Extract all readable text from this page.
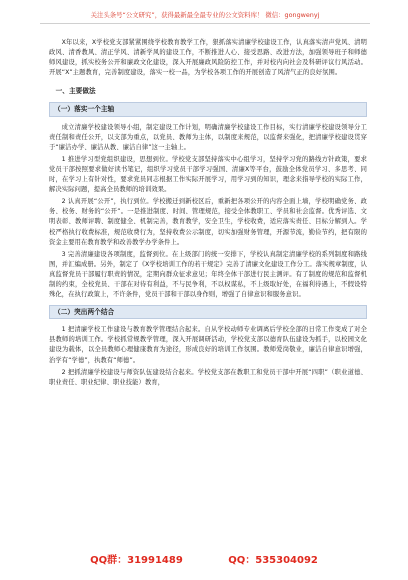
关注头条号“公文研究”，获得最新最全最专业的公文资料库！ 微信：gongwenyj

X年以来，X学校党支部紧紧围绕学校教育教学工作，狠抓落实清廉学校建设工作，认真落实清声党风、清明政风、清香教风、清正学风、清新学风的建设工作，不断推进人心、接受思路、改进方法，加强领导班子和师德师风建设，抓实校务公开和廉政文化建设，深入开展廉政风险防控工作，并对校内向社会及科研评议行风活动。开展“X”主题教育，完善制度建设，落实一校一品，为学校各项工作的开展创造了风清气正的良好氛围。

一、主要做法
（一）落实一个主轴

成立清廉学校建设领导小组，制定建设工作计划，明确清廉学校建设工作目标，实行清廉学校建设领导分工责任制和责任公开，以支部为重点，以党员、教师为主体，以制度来规范，以监督来强化，把清廉学校建设贯穿于“廉洁办学、廉洁从教、廉洁自律”这一主轴上。

1 推进学习型党组织建设，思想到位。学校党支部坚持落实中心组学习，坚持学习党的路线方针政策，要求党员干部按照要求做好读书笔记，组织学习党员干部学习强国、清廉X等平台，鼓励全体党员学习、多思考、同时，在学习上有针对性，要求党员同志根据工作实际开展学习，用学习到的知识，理念来指导学校的实际工作，解决实际问题，提高全员教师的培训效果。

2 认真开展“公开”，执行到位。学校搬迁到新校区后，重新把各项公开的内容全面上墙，学校明确党务、政务、校务、财务的“公开”。一是推进制度、时间、管理规范，接受全体教职工、学员和社会监督。优秀评选、文明表彰、教师评聘、制度健全、机制完善，教育教学，安全卫生，学校收费，适应落实责任、目标分解到人。学校严格执行收费标准，规范收费行为，坚持收费公示制度，切实加强财务管理，开源节流，勤俭节约，把有限的资金主要用在教育教学和改善教学办学条件上。

3 完善清廉建设各项制度，监督到位。在上级部门的统一安排下，学校认真制定清廉学校的系列制度和路线图，并汇编成册。另外，制定了《X学校培训工作的若干规定》完善了清廉文化建设工作分工。落实规章制度，认真监督党员干部履行职责的情况，定期向群众征求意见；年终全体干部进行民主测评。有了制度的规范和监督机制的约束，全校党员、干部在对待有利益，不与民争利，不以权谋私，不上级取好处，在福利待遇上，不假设特殊化，在执行政策上，不许条件，党员干部和干部以身作则，增强了自律意识和服务意识。

（二）突出两个结合

1 把清廉学校工作建设与教育教学管理结合起来。自从学校动师专业调离后学校全部的日常工作变成了对全县教师的培训工作。学校抓常规教学管理，深入开展调研活动，学校党支部以德育队伍建设为抓手，以校园文化建设为载体，以全员教师心理健康教育为途径，形成良好的培训工作氛围。教师爱岗敬业，廉洁自律意识增强，治学有“学德”，执教有“师德”。

2 把抓清廉学校建设与师资队伍建设结合起来。学校党支部在教职工和党员干部中开展“四职”（职业道德、职业责任、职业纪律、职业技能）教育，

QQ群：31991489	QQ：535304092
